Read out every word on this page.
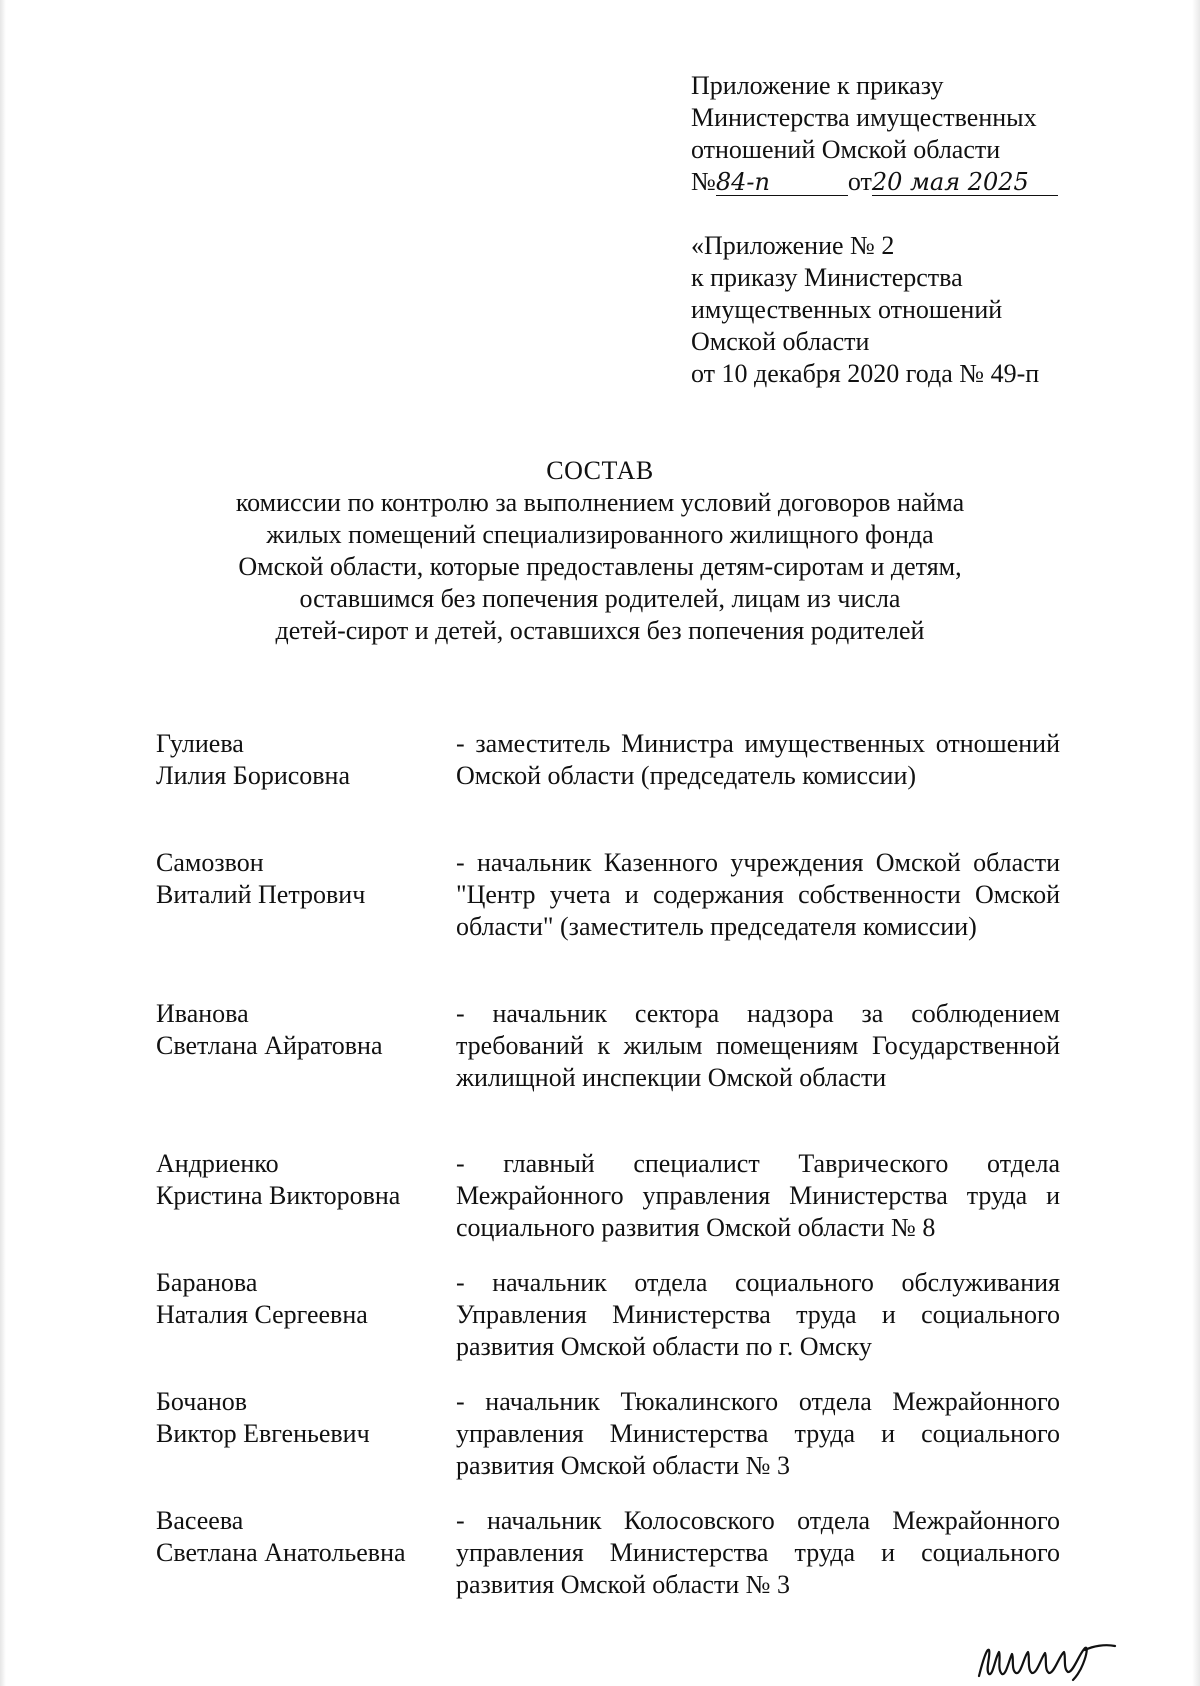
Приложение к приказу
Министерства имущественных
отношений Омской области
№84-п	от20 мая 2025
«Приложение № 2
к приказу Министерства
имущественных отношений
Омской области
от 10 декабря 2020 года № 49-п
СОСТАВ
комиссии по контролю за выполнением условий договоров найма
жилых помещений специализированного жилищного фонда
Омской области, которые предоставлены детям-сиротам и детям,
оставшимся без попечения родителей, лицам из числа
детей-сирот и детей, оставшихся без попечения родителей
Гулиева
Лилия Борисовна
- заместитель Министра имущественных отношений Омской области (председатель комиссии)
Самозвон
Виталий Петрович
- начальник Казенного учреждения Омской области "Центр учета и содержания собственности Омской области" (заместитель председателя комиссии)
Иванова
Светлана Айратовна
- начальник сектора надзора за соблюдением требований к жилым помещениям Государственной жилищной инспекции Омской области
Андриенко
Кристина Викторовна
- главный специалист Таврического отдела Межрайонного управления Министерства труда и социального развития Омской области № 8
Баранова
Наталия Сергеевна
- начальник отдела социального обслуживания Управления Министерства труда и социального развития Омской области по г. Омску
Бочанов
Виктор Евгеньевич
- начальник Тюкалинского отдела Межрайонного управления Министерства труда и социального развития Омской области № 3
Васеева
Светлана Анатольевна
- начальник Колосовского отдела Межрайонного управления Министерства труда и социального развития Омской области № 3
